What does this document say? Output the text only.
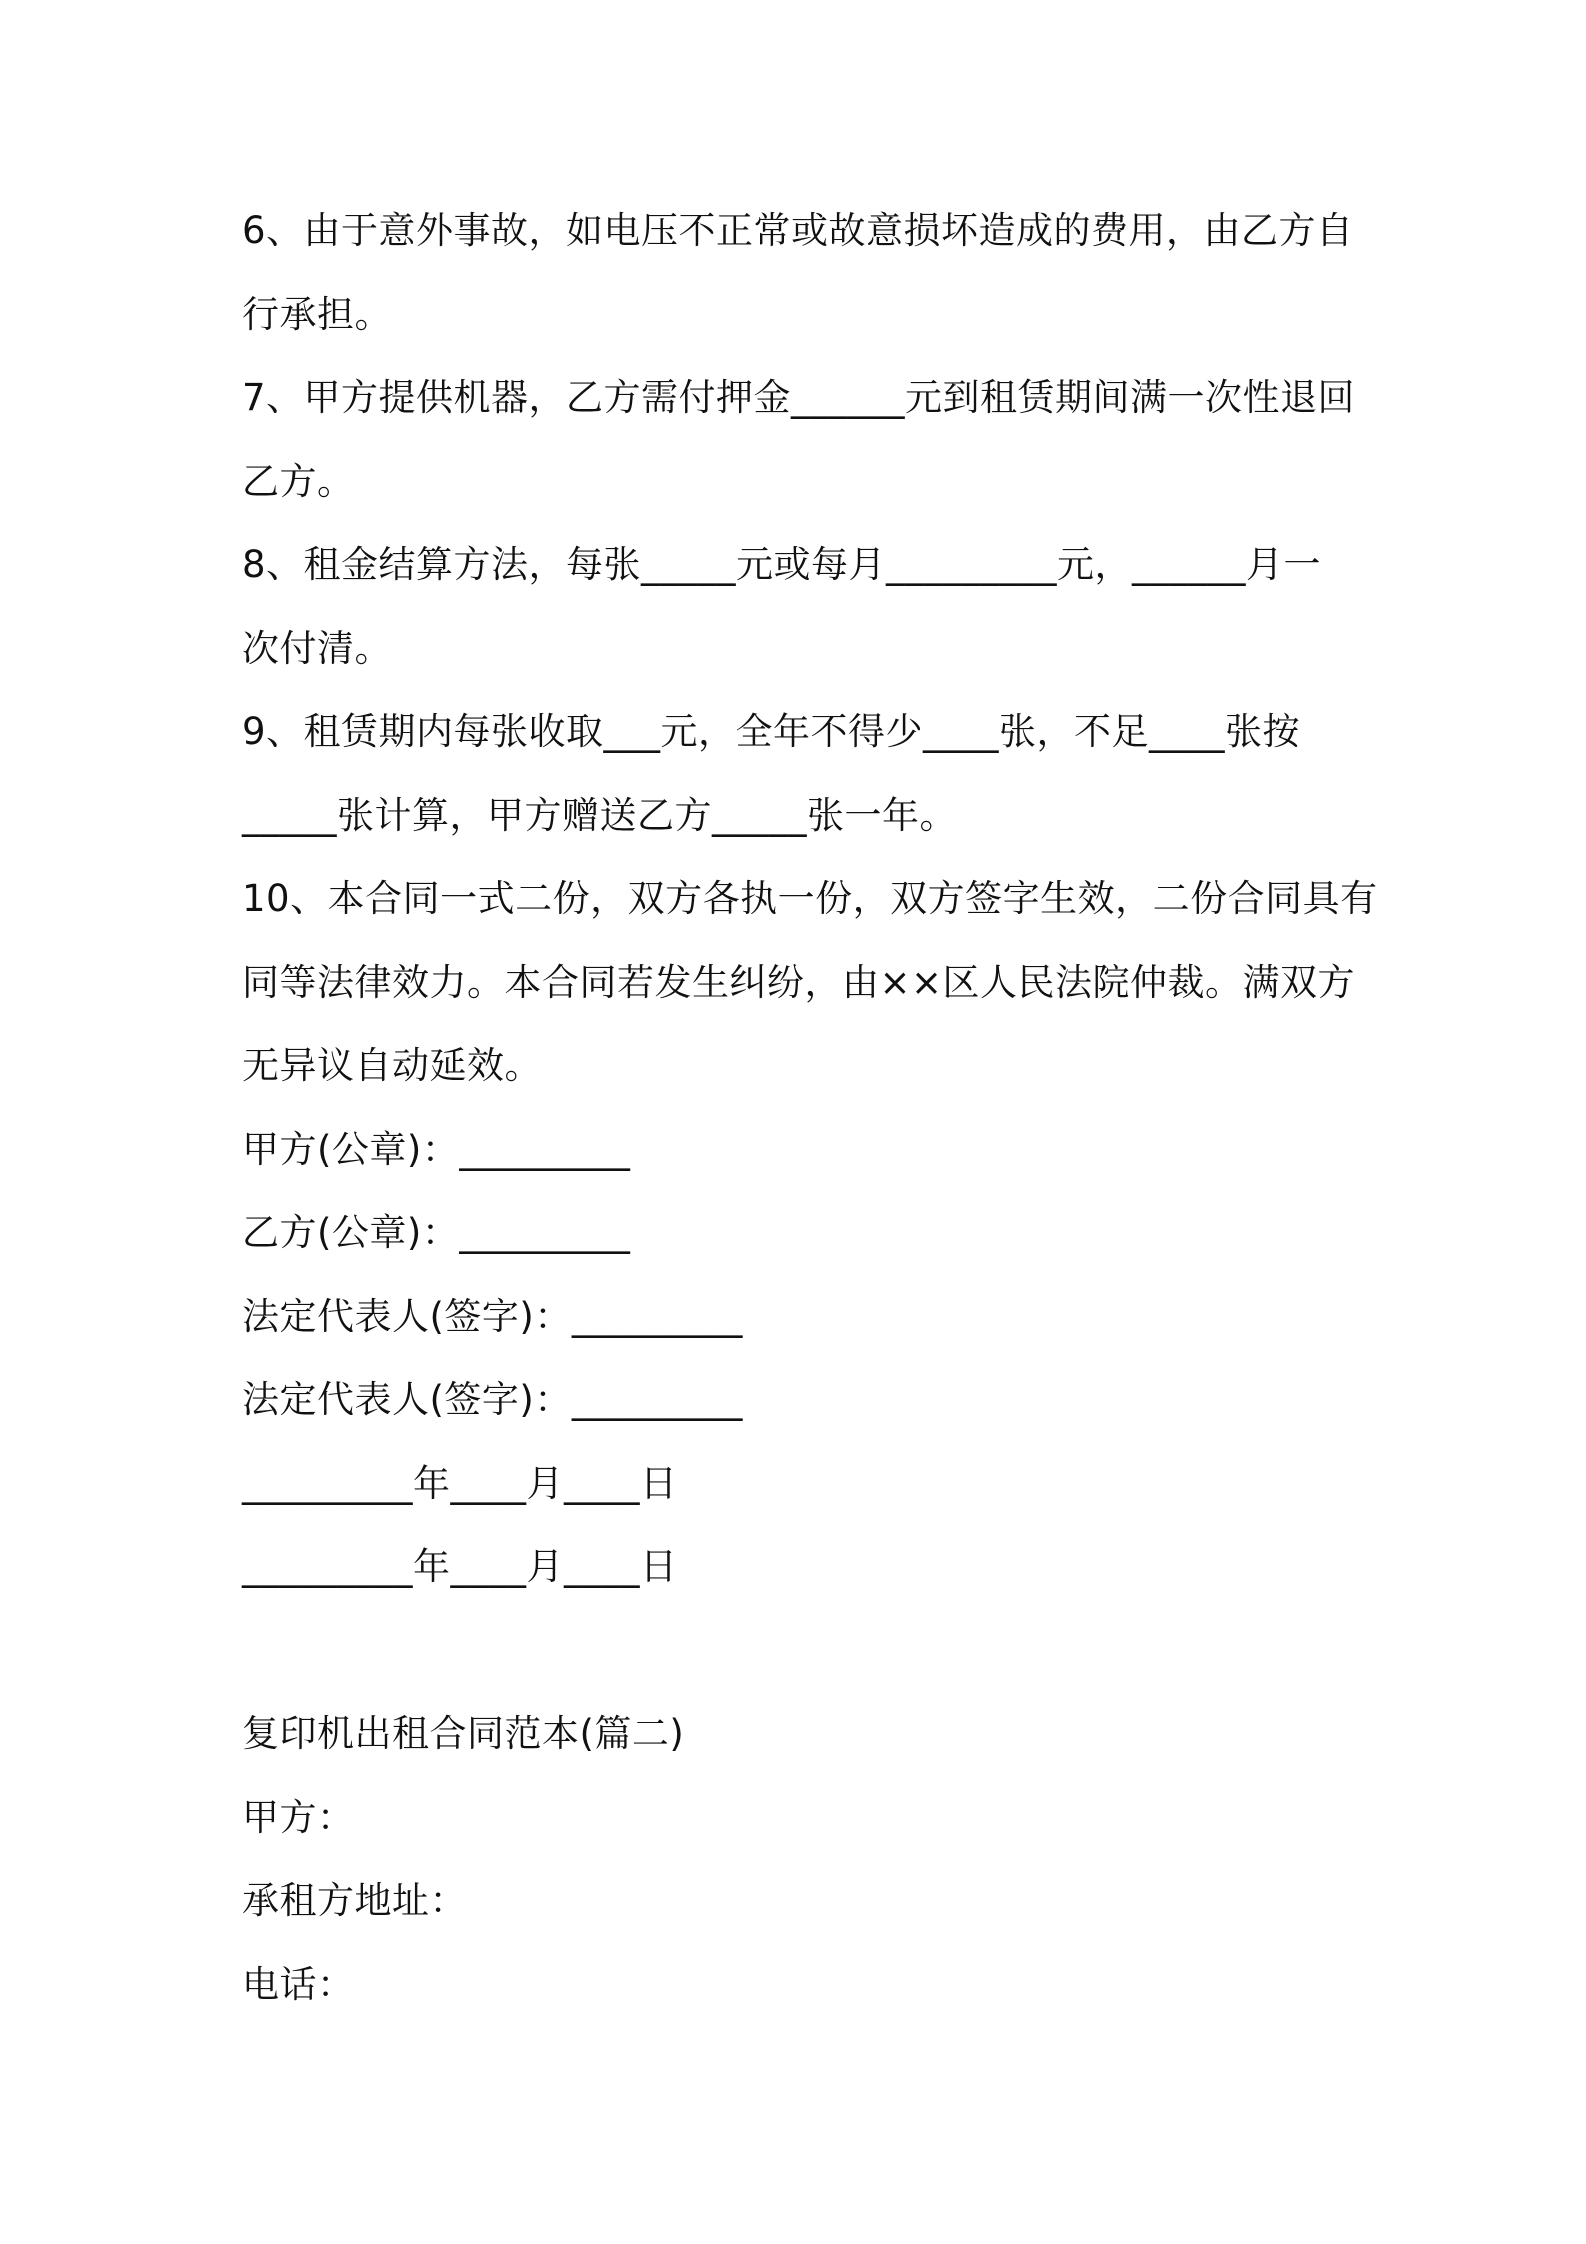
6、由于意外事故，如电压不正常或故意损坏造成的费用，由乙方自
行承担。
7、甲方提供机器，乙方需付押金______元到租赁期间满一次性退回
乙方。
8、租金结算方法，每张_____元或每月_________元，______月一
次付清。
9、租赁期内每张收取___元，全年不得少____张，不足____张按
_____张计算，甲方赠送乙方_____张一年。
10、本合同一式二份，双方各执一份，双方签字生效，二份合同具有
同等法律效力。本合同若发生纠纷，由××区人民法院仲裁。满双方
无异议自动延效。
甲方(公章)：_________
乙方(公章)：_________
法定代表人(签字)：_________
法定代表人(签字)：_________
_________年____月____日
_________年____月____日
复印机出租合同范本(篇二)
甲方：
承租方地址：
电话：
